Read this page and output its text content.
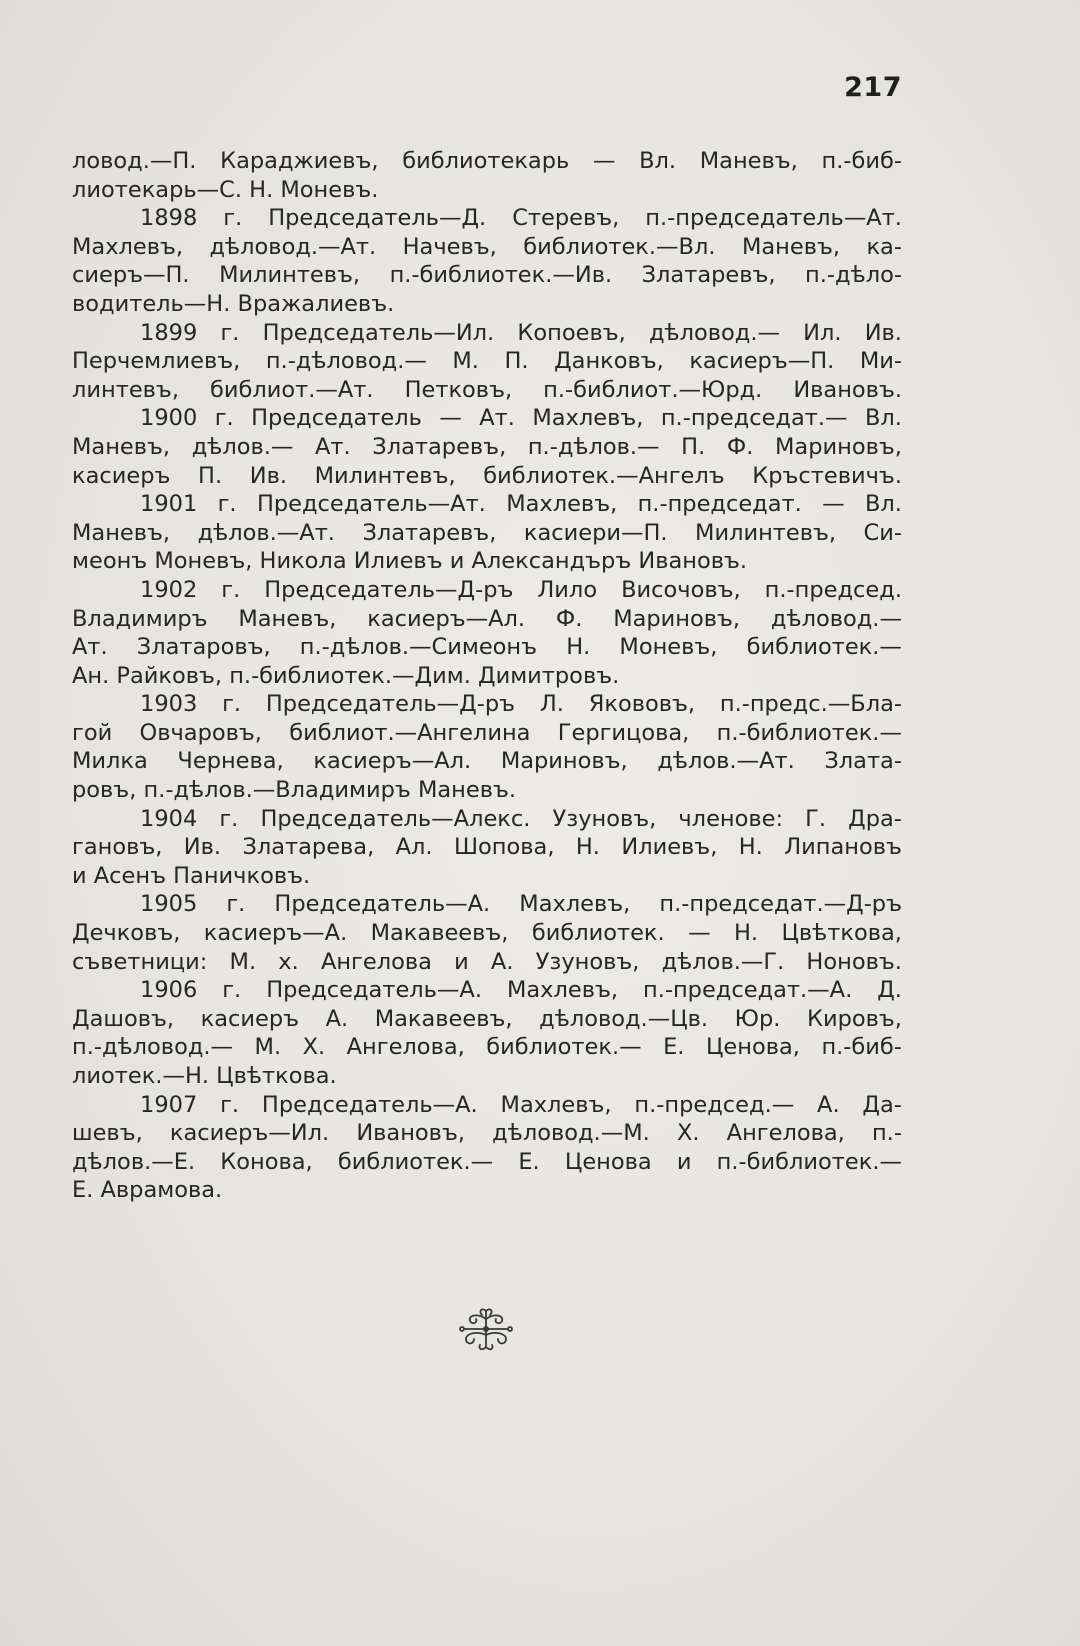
217
ловод.—П. Караджиевъ, библиотекарь — Вл. Маневъ, п.-биб-
лиотекарь—С. Н. Моневъ.
1898 г. Председатель—Д. Стеревъ, п.-председатель—Ат.
Махлевъ, дѣловод.—Ат. Начевъ, библиотек.—Вл. Маневъ, ка-
сиеръ—П. Милинтевъ, п.-библиотек.—Ив. Златаревъ, п.-дѣло-
водитель—Н. Вражалиевъ.
1899 г. Председатель—Ил. Копоевъ, дѣловод.— Ил. Ив.
Перчемлиевъ, п.-дѣловод.— М. П. Данковъ, касиеръ—П. Ми-
линтевъ, библиот.—Ат. Петковъ, п.-библиот.—Юрд. Ивановъ.
1900 г. Председатель — Ат. Махлевъ, п.-председат.— Вл.
Маневъ, дѣлов.— Ат. Златаревъ, п.-дѣлов.— П. Ф. Мариновъ,
касиеръ П. Ив. Милинтевъ, библиотек.—Ангелъ Кръстевичъ.
1901 г. Председатель—Ат. Махлевъ, п.-председат. — Вл.
Маневъ, дѣлов.—Ат. Златаревъ, касиери—П. Милинтевъ, Си-
меонъ Моневъ, Никола Илиевъ и Александъръ Ивановъ.
1902 г. Председатель—Д-ръ Лило Височовъ, п.-председ.
Владимиръ Маневъ, касиеръ—Ал. Ф. Мариновъ, дѣловод.—
Ат. Златаровъ, п.-дѣлов.—Симеонъ Н. Моневъ, библиотек.—
Ан. Райковъ, п.-библиотек.—Дим. Димитровъ.
1903 г. Председатель—Д-ръ Л. Якововъ, п.-предс.—Бла-
гой Овчаровъ, библиот.—Ангелина Гергицова, п.-библиотек.—
Милка Чернева, касиеръ—Ал. Мариновъ, дѣлов.—Ат. Злата-
ровъ, п.-дѣлов.—Владимиръ Маневъ.
1904 г. Председатель—Алекс. Узуновъ, членове: Г. Дра-
гановъ, Ив. Златарева, Ал. Шопова, Н. Илиевъ, Н. Липановъ
и Асенъ Паничковъ.
1905 г. Председатель—А. Махлевъ, п.-председат.—Д-ръ
Дечковъ, касиеръ—А. Макавеевъ, библиотек. — Н. Цвѣткова,
съветници: М. х. Ангелова и А. Узуновъ, дѣлов.—Г. Ноновъ.
1906 г. Председатель—А. Махлевъ, п.-председат.—А. Д.
Дашовъ, касиеръ А. Макавеевъ, дѣловод.—Цв. Юр. Кировъ,
п.-дѣловод.— М. Х. Ангелова, библиотек.— Е. Ценова, п.-биб-
лиотек.—Н. Цвѣткова.
1907 г. Председатель—А. Махлевъ, п.-председ.— А. Да-
шевъ, касиеръ—Ил. Ивановъ, дѣловод.—М. Х. Ангелова, п.-
дѣлов.—Е. Конова, библиотек.— Е. Ценова и п.-библиотек.—
Е. Аврамова.
